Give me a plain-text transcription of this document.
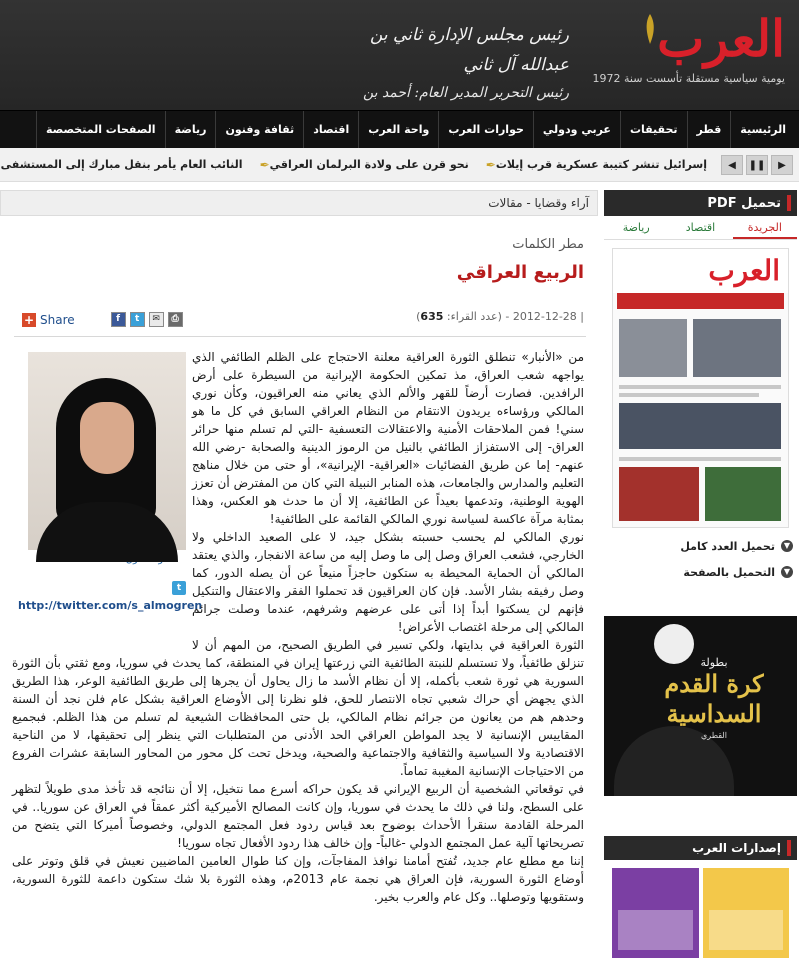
رئيس مجلس الإدارة ثاني بن عبدالله آل ثاني
رئيس التحرير المدير العام: أحمد بن
العرب
يومية سياسية مستقلة تأسست سنة 1972
الرئيسية
قطر
تحقيقات
عربي ودولي
حوارات العرب
واحة العرب
اقتصاد
ثقافة وفنون
رياضة
الصفحات المتخصصة
◀	❚❚	▶
✒ إسرائيل تنشر كتيبة عسكرية قرب إيلات
✒ نحو قرن على ولادة البرلمان العراقي
النائب العام يأمر بنقل مبارك إلى المستشفى
آراء وقضايا - مقالات
مطر الكلمات
الربيع العراقي
| 2012-12-28 - (عدد القراء: 635)
+ Share	f	t	✉	⎙
t
http://twitter.com/s_almogren

من «الأنبار» تنطلق الثورة العراقية معلنة الاحتجاج على الظلم الطائفي الذي يواجهه شعب العراق، مذ تمكين الحكومة الإيرانية من السيطرة على أرض الرافدين. فصارت أرضاً للقهر والألم الذي يعاني منه العراقيون، وكأن نوري المالكي ورؤساءه يريدون الانتقام من النظام العراقي السابق في كل ما هو سني! فمن الملاحقات الأمنية والاعتقالات التعسفية -التي لم تسلم منها حرائر العراق- إلى الاستفزاز الطائفي بالنيل من الرموز الدينية والصحابة -رضي الله عنهم- إما عن طريق الفضائيات «العراقية- الإيرانية»، أو حتى من خلال مناهج التعليم والمدارس والجامعات، هذه المنابر النبيلة التي كان من المفترض أن تعزز الهوية الوطنية، وتدعمها بعيداً عن الطائفية، إلا أن ما حدث هو العكس، وهذا بمثابة مرآة عاكسة لسياسة نوري المالكي القائمة على الطائفية!

نوري المالكي لم يحسب حسبته بشكل جيد، لا على الصعيد الداخلي ولا الخارجي، فشعب العراق وصل إلى ما وصل إليه من ساعة الانفجار، والذي يعتقد المالكي أن الحماية المحيطة به ستكون حاجزاً منيعاً عن أن يصله الدور، كما وصل رفيقه بشار الأسد. فإن كان العراقيون قد تحملوا الفقر والاعتقال والتنكيل فإنهم لن يسكتوا أبداً إذا أتى على عرضهم وشرفهم، عندما وصلت جرائم المالكي إلى مرحلة اغتصاب الأعراض!

الثورة العراقية في بدايتها، ولكي تسير في الطريق الصحيح، من المهم أن لا تنزلق طائفياً، ولا تستسلم للنبتة الطائفية التي زرعتها إيران في المنطقة، كما يحدث في سوريا، ومع ثقتي بأن الثورة السورية هي ثورة شعب بأكمله، إلا أن نظام الأسد ما زال يحاول أن يجرها إلى طريق الطائفية الوعر، هذا الطريق الذي يجهض أي حراك شعبي تجاه الانتصار للحق، فلو نظرنا إلى الأوضاع العراقية بشكل عام فلن نجد أن السنة وحدهم هم من يعانون من جرائم نظام المالكي، بل حتى المحافظات الشيعية لم تسلم من هذا الظلم. فبجميع المقاييس الإنسانية لا يجد المواطن العراقي الحد الأدنى من المتطلبات التي ينظر إلى تحقيقها، لا من الناحية الاقتصادية ولا السياسية والثقافية والاجتماعية والصحية، ويدخل تحت كل محور من المحاور السابقة عشرات الفروع من الاحتياجات الإنسانية المغيبة تماماً.

في توقعاتي الشخصية أن الربيع الإيراني قد يكون حراكه أسرع مما نتخيل، إلا أن نتائجه قد تأخذ مدى طويلاً لتظهر على السطح، ولنا في ذلك ما يحدث في سوريا، وإن كانت المصالح الأميركية أكثر عمقاً في العراق عن سوريا.. في المرحلة القادمة سنقرأ الأحداث بوضوح بعد قياس ردود فعل المجتمع الدولي، وخصوصاً أميركا التي يتضح من تصريحاتها آلية عمل المجتمع الدولي -غالباً- وإن خالف هذا ردود الأفعال تجاه سوريا!

إننا مع مطلع عام جديد، تُفتح أمامنا نوافذ المفاجآت، وإن كنا طوال العامين الماضيين نعيش في قلق وتوتر على أوضاع الثورة السورية، فإن العراق هي نجمة عام 2013م، وهذه الثورة بلا شك ستكون داعمة للثورة السورية، وستقويها وتوصلها.. وكل عام والعرب بخير.

تحميل PDF
الجريدة
اقتصاد
رياضة
العرب
تحميل العدد كامل	▼
التحميل بالصفحة	▼
بطولة
كرة القدم
السداسية
القطري
إصدارات العرب
